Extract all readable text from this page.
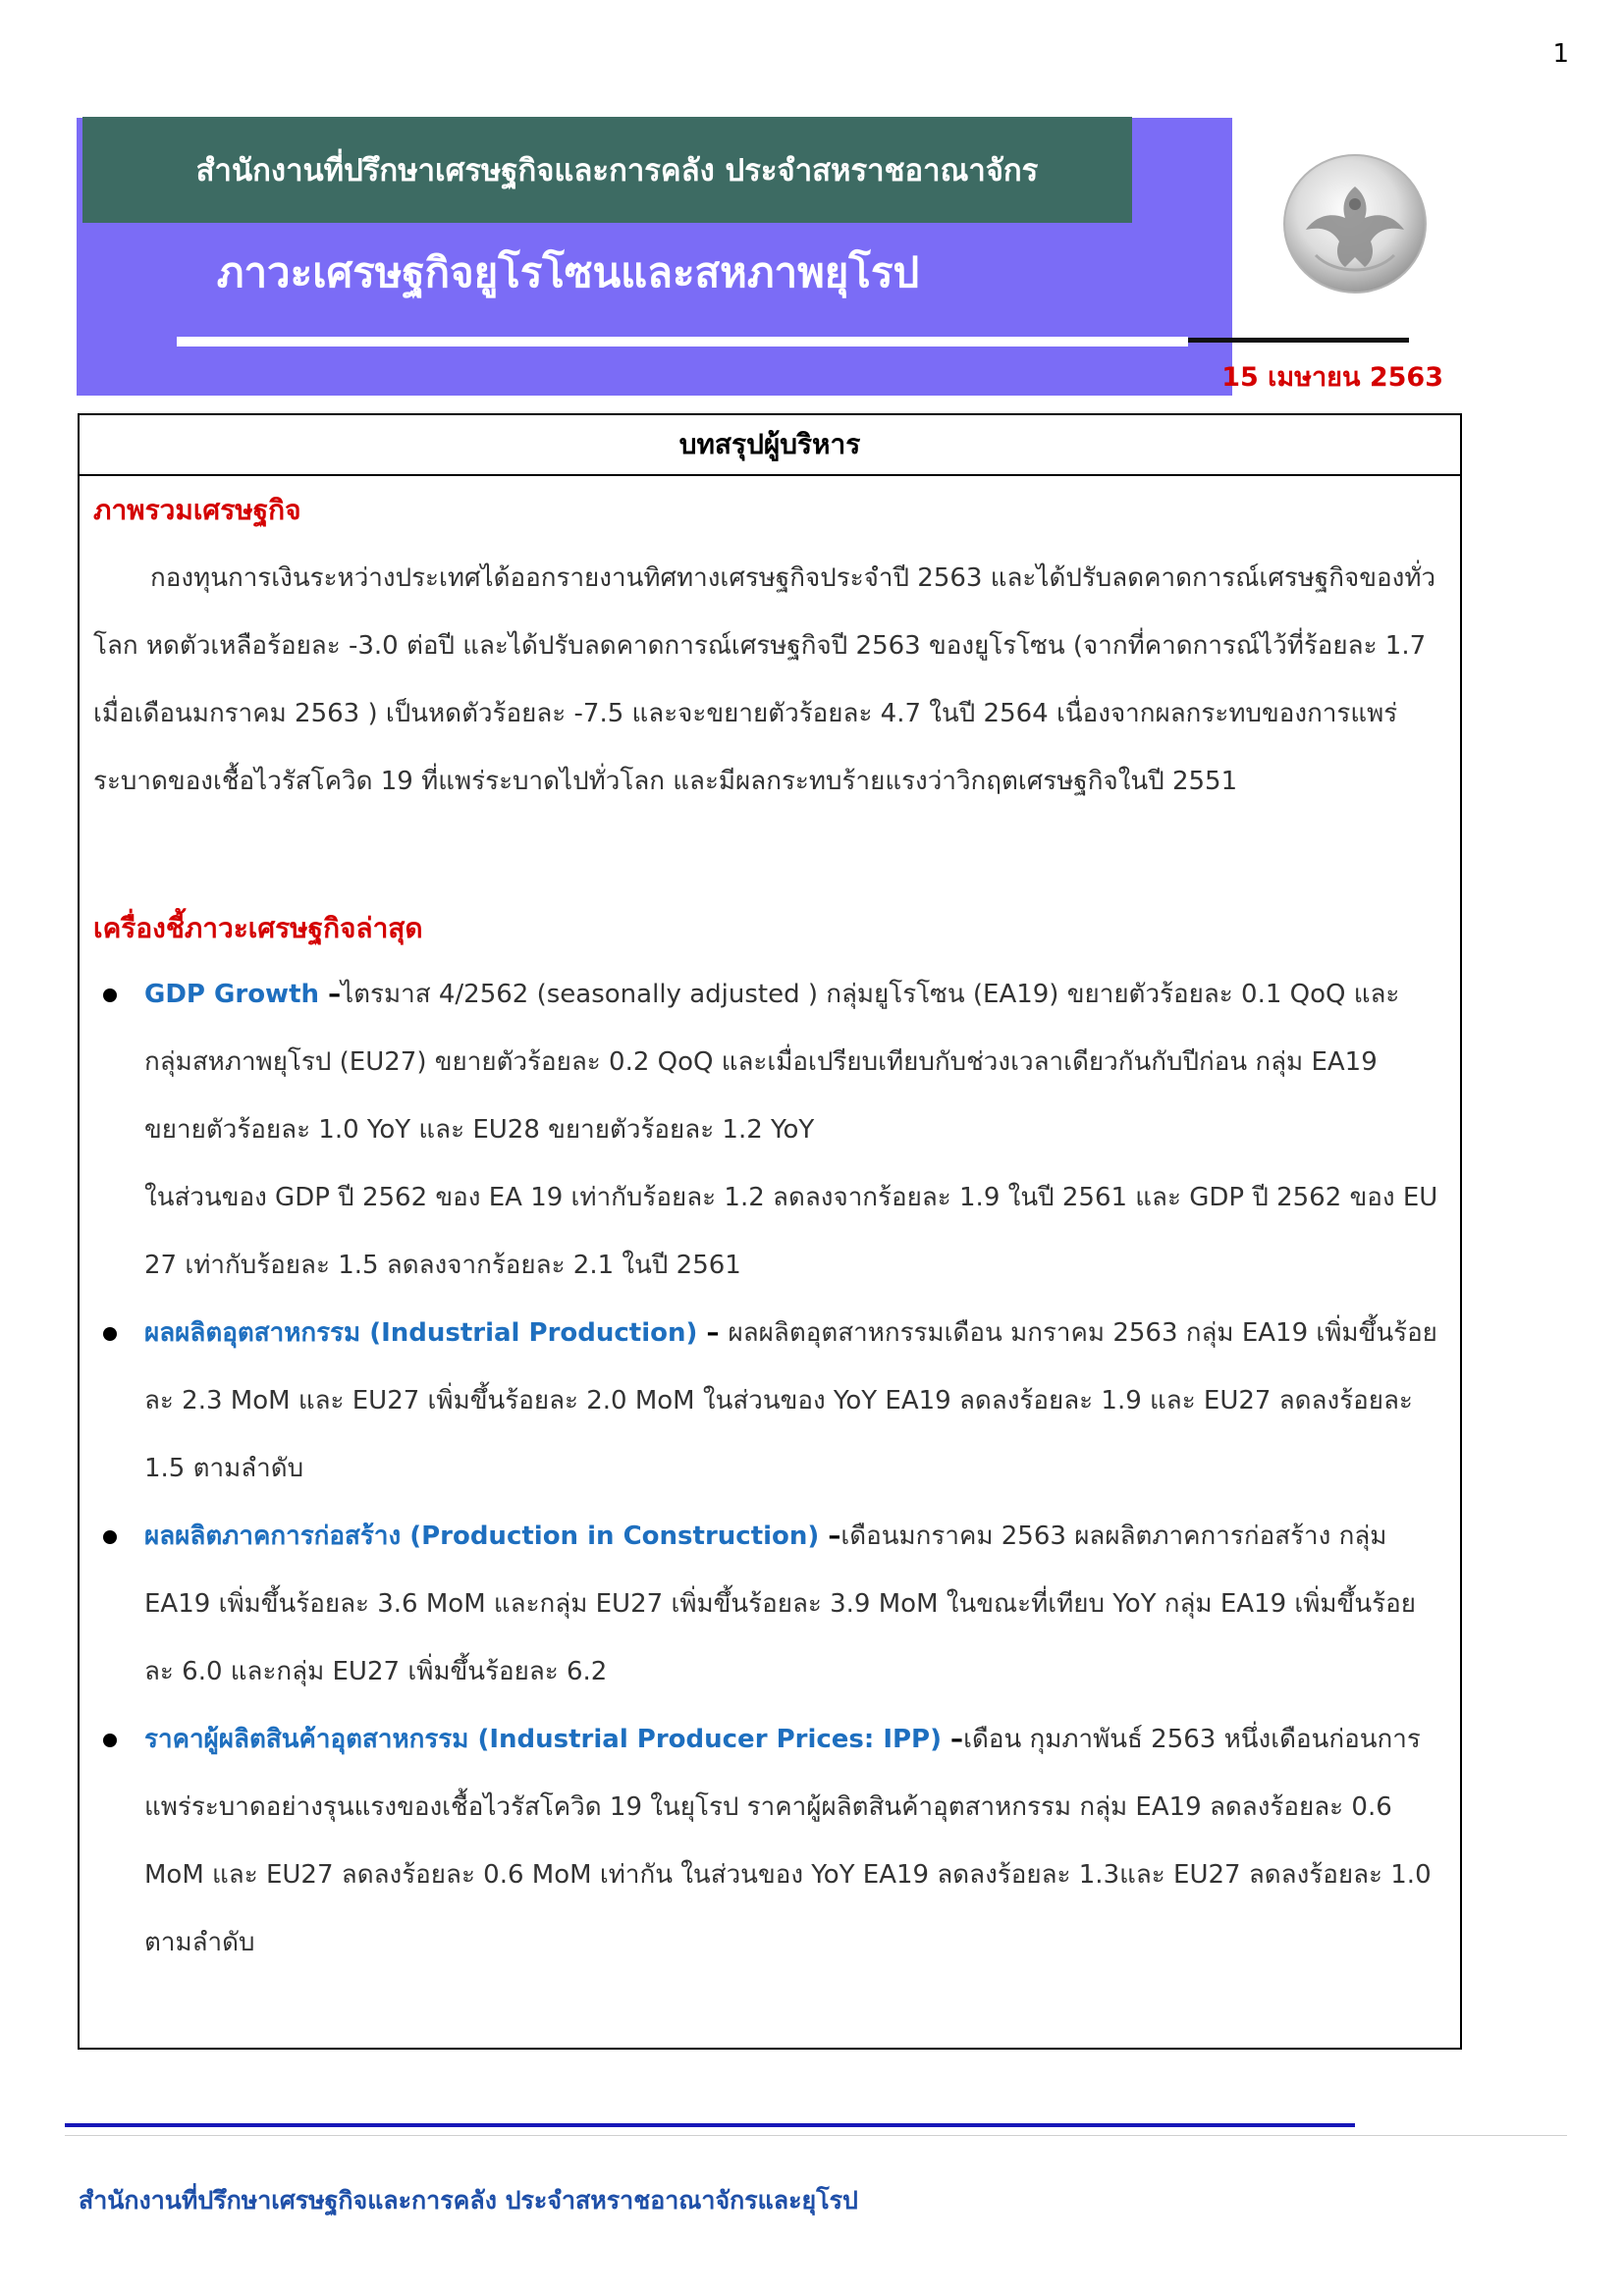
1
สำนักงานที่ปรึกษาเศรษฐกิจและการคลัง ประจำสหราชอาณาจักร
ภาวะเศรษฐกิจยูโรโซนและสหภาพยุโรป
15 เมษายน 2563
บทสรุปผู้บริหาร
ภาพรวมเศรษฐกิจ
กองทุนการเงินระหว่างประเทศได้ออกรายงานทิศทางเศรษฐกิจประจำปี 2563 และได้ปรับลดคาดการณ์เศรษฐกิจของทั่วโลก หดตัวเหลือร้อยละ -3.0 ต่อปี และได้ปรับลดคาดการณ์เศรษฐกิจปี 2563 ของยูโรโซน (จากที่คาดการณ์ไว้ที่ร้อยละ 1.7 เมื่อเดือนมกราคม 2563 ) เป็นหดตัวร้อยละ -7.5 และจะขยายตัวร้อยละ 4.7 ในปี 2564 เนื่องจากผลกระทบของการแพร่ระบาดของเชื้อไวรัสโควิด 19 ที่แพร่ระบาดไปทั่วโลก และมีผลกระทบร้ายแรงว่าวิกฤตเศรษฐกิจในปี 2551
เครื่องชี้ภาวะเศรษฐกิจล่าสุด
GDP Growth –ไตรมาส 4/2562 (seasonally adjusted ) กลุ่มยูโรโซน (EA19) ขยายตัวร้อยละ 0.1 QoQ และกลุ่มสหภาพยุโรป (EU27) ขยายตัวร้อยละ 0.2 QoQ และเมื่อเปรียบเทียบกับช่วงเวลาเดียวกันกับปีก่อน กลุ่ม EA19 ขยายตัวร้อยละ 1.0 YoY และ EU28 ขยายตัวร้อยละ 1.2 YoY
ในส่วนของ GDP ปี 2562 ของ EA 19 เท่ากับร้อยละ 1.2 ลดลงจากร้อยละ 1.9 ในปี 2561 และ GDP ปี 2562 ของ EU 27 เท่ากับร้อยละ 1.5 ลดลงจากร้อยละ 2.1 ในปี 2561
ผลผลิตอุตสาหกรรม (Industrial Production) – ผลผลิตอุตสาหกรรมเดือน มกราคม 2563 กลุ่ม EA19 เพิ่มขึ้นร้อยละ 2.3 MoM และ EU27 เพิ่มขึ้นร้อยละ 2.0 MoM ในส่วนของ YoY EA19 ลดลงร้อยละ 1.9 และ EU27 ลดลงร้อยละ 1.5 ตามลำดับ
ผลผลิตภาคการก่อสร้าง (Production in Construction) –เดือนมกราคม 2563 ผลผลิตภาคการก่อสร้าง กลุ่ม EA19 เพิ่มขึ้นร้อยละ 3.6 MoM และกลุ่ม EU27 เพิ่มขึ้นร้อยละ 3.9 MoM ในขณะที่เทียบ YoY กลุ่ม EA19 เพิ่มขึ้นร้อยละ 6.0 และกลุ่ม EU27 เพิ่มขึ้นร้อยละ 6.2
ราคาผู้ผลิตสินค้าอุตสาหกรรม (Industrial Producer Prices: IPP) –เดือน กุมภาพันธ์ 2563 หนึ่งเดือนก่อนการแพร่ระบาดอย่างรุนแรงของเชื้อไวรัสโควิด 19 ในยุโรป ราคาผู้ผลิตสินค้าอุตสาหกรรม กลุ่ม EA19 ลดลงร้อยละ 0.6 MoM และ EU27 ลดลงร้อยละ 0.6 MoM เท่ากัน ในส่วนของ YoY EA19 ลดลงร้อยละ 1.3และ EU27 ลดลงร้อยละ 1.0 ตามลำดับ
สำนักงานที่ปรึกษาเศรษฐกิจและการคลัง ประจำสหราชอาณาจักรและยุโรป
